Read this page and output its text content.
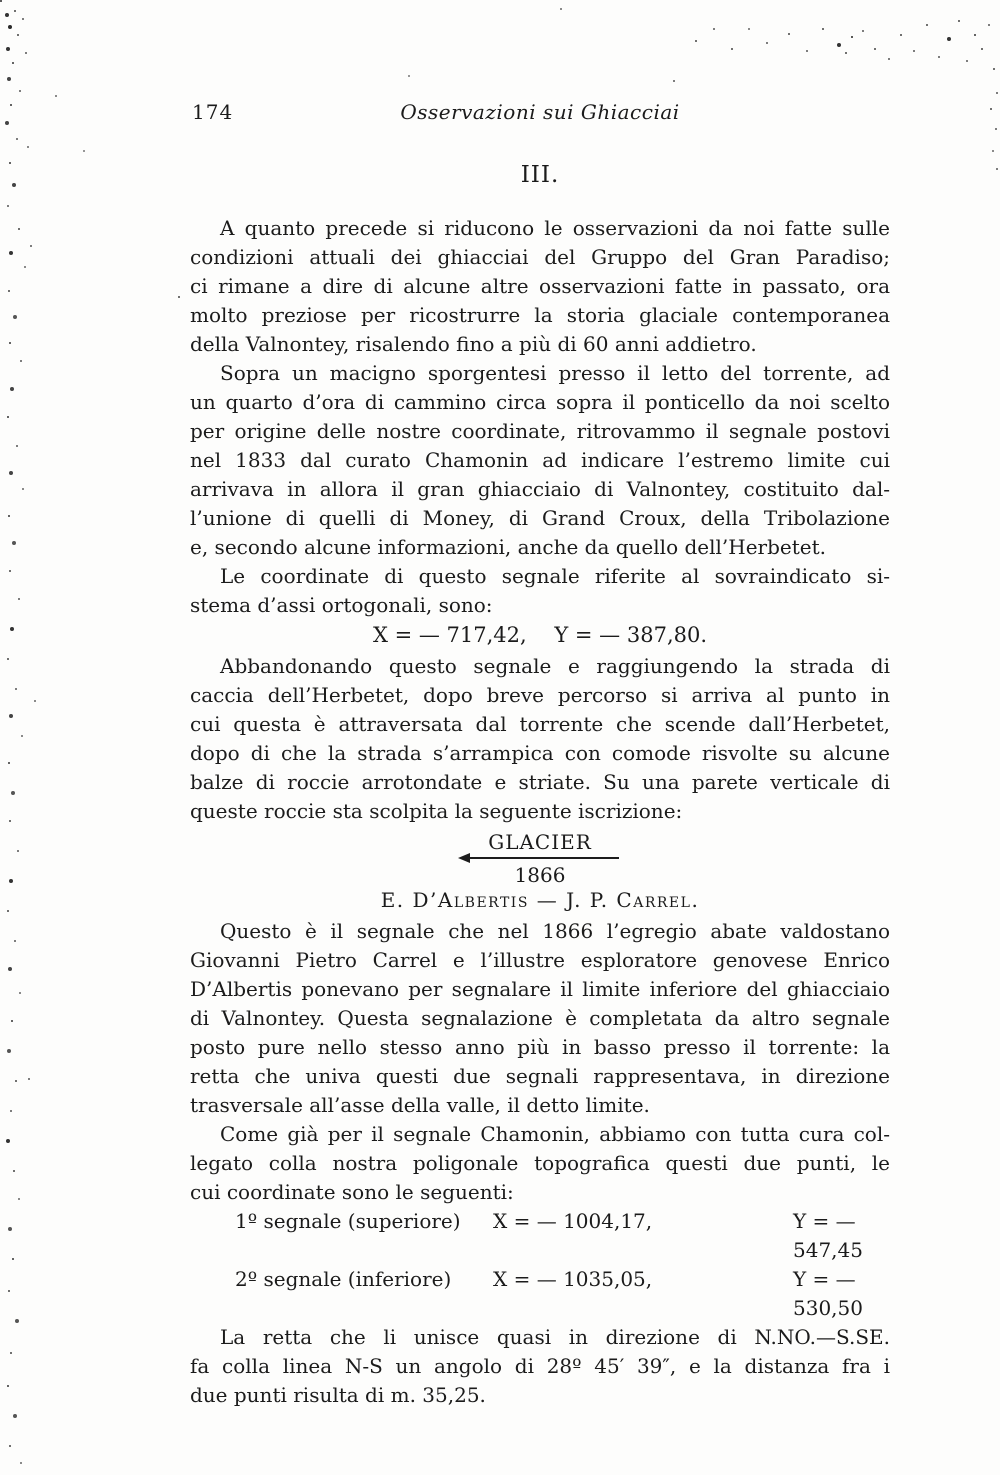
174	Osservazioni sui Ghiacciai
III.
A quanto precede si riducono le osservazioni da noi fatte sulle
condizioni attuali dei ghiacciai del Gruppo del Gran Paradiso;
ci rimane a dire di alcune altre osservazioni fatte in passato, ora
molto preziose per ricostrurre la storia glaciale contemporanea
della Valnontey, risalendo fino a più di 60 anni addietro.
Sopra un macigno sporgentesi presso il letto del torrente, ad
un quarto d’ora di cammino circa sopra il ponticello da noi scelto
per origine delle nostre coordinate, ritrovammo il segnale postovi
nel 1833 dal curato Chamonin ad indicare l’estremo limite cui
arrivava in allora il gran ghiacciaio di Valnontey, costituito dal-
l’unione di quelli di Money, di Grand Croux, della Tribolazione
e, secondo alcune informazioni, anche da quello dell’Herbetet.
Le coordinate di questo segnale riferite al sovraindicato si-
stema d’assi ortogonali, sono:
X = — 717,42,  Y = — 387,80.
Abbandonando questo segnale e raggiungendo la strada di
caccia dell’Herbetet, dopo breve percorso si arriva al punto in
cui questa è attraversata dal torrente che scende dall’Herbetet,
dopo di che la strada s’arrampica con comode risvolte su alcune
balze di roccie arrotondate e striate. Su una parete verticale di
queste roccie sta scolpita la seguente iscrizione:
GLACIER
1866
E. D’Albertis — J. P. Carrel.
Questo è il segnale che nel 1866 l’egregio abate valdostano
Giovanni Pietro Carrel e l’illustre esploratore genovese Enrico
D’Albertis ponevano per segnalare il limite inferiore del ghiacciaio
di Valnontey. Questa segnalazione è completata da altro segnale
posto pure nello stesso anno più in basso presso il torrente: la
retta che univa questi due segnali rappresentava, in direzione
trasversale all’asse della valle, il detto limite.
Come già per il segnale Chamonin, abbiamo con tutta cura col-
legato colla nostra poligonale topografica questi due punti, le
cui coordinate sono le seguenti:
1º segnale (superiore)	X = — 1004,17,	Y = — 547,45
2º segnale (inferiore)	X = — 1035,05,	Y = — 530,50
La retta che li unisce quasi in direzione di N.NO.—S.SE.
fa colla linea N-S un angolo di 28º 45′ 39″, e la distanza fra i
due punti risulta di m. 35,25.
